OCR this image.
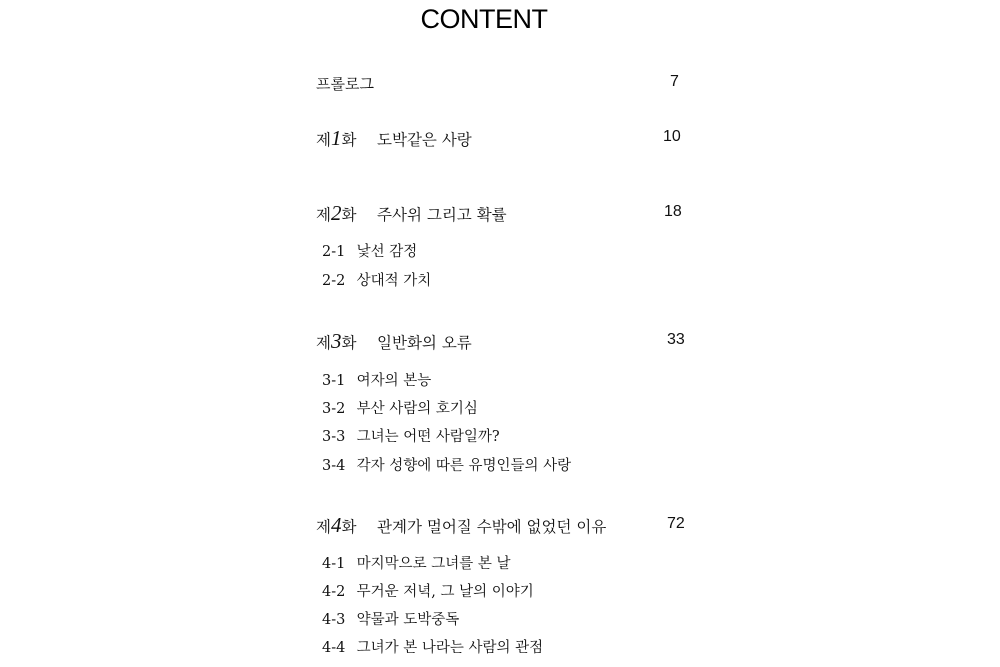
CONTENT
프롤로그	7
제1화 도박같은 사랑	10
제2화 주사위 그리고 확률	18
2-1 낯선 감정
2-2 상대적 가치
제3화 일반화의 오류	33
3-1 여자의 본능
3-2 부산 사람의 호기심
3-3 그녀는 어떤 사람일까?
3-4 각자 성향에 따른 유명인들의 사랑
제4화 관계가 멀어질 수밖에 없었던 이유	72
4-1 마지막으로 그녀를 본 날
4-2 무거운 저녁, 그 날의 이야기
4-3 약물과 도박중독
4-4 그녀가 본 나라는 사람의 관점
